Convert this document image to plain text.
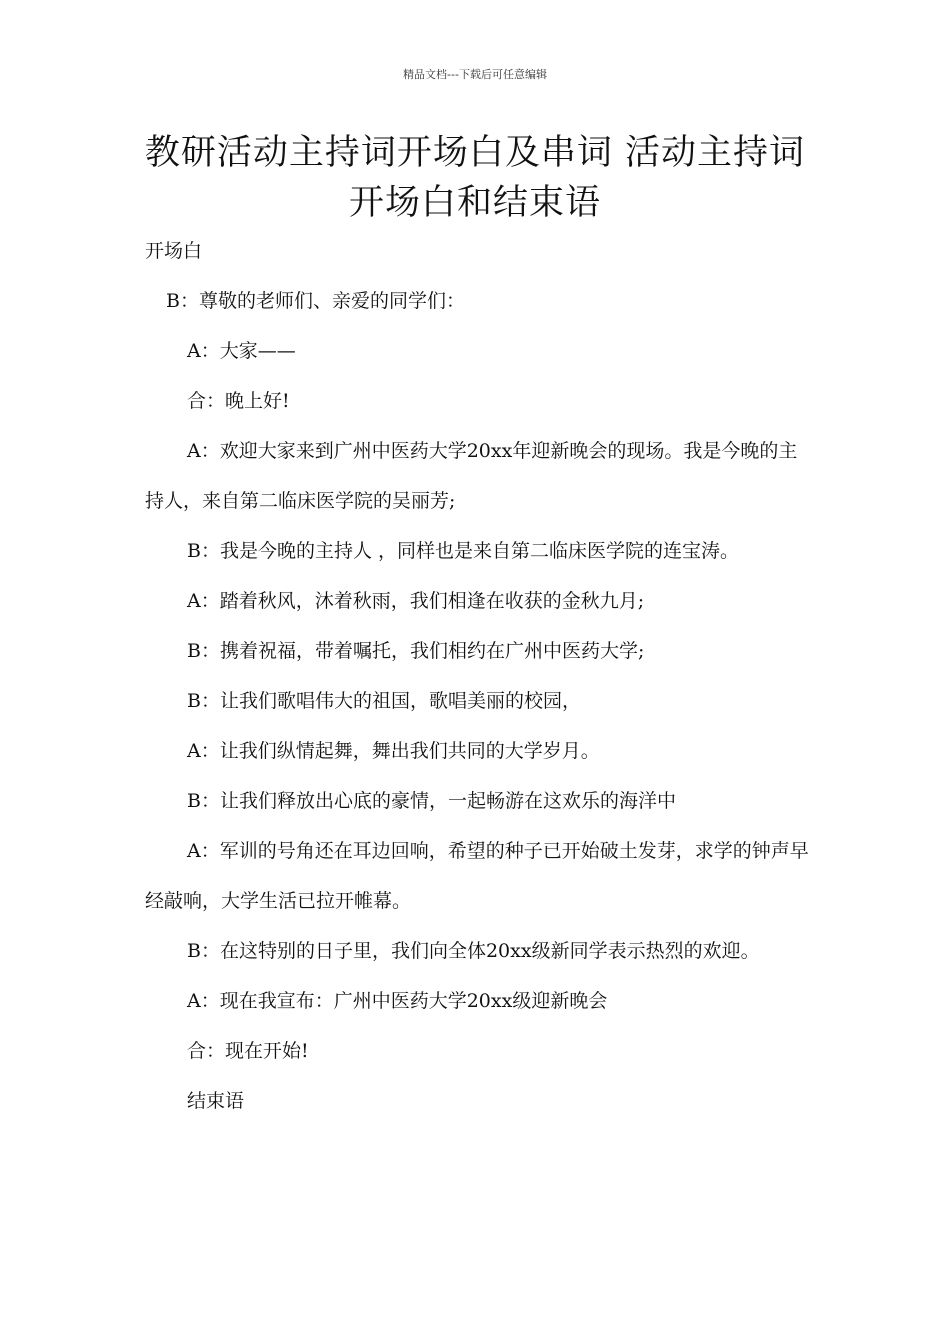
精品文档---下载后可任意编辑
教研活动主持词开场白及串词 活动主持词开场白和结束语

开场白

B：尊敬的老师们、亲爱的同学们：

A：大家——

合：晚上好!

A：欢迎大家来到广州中医药大学20xx年迎新晚会的现场。我是今晚的主持人，来自第二临床医学院的吴丽芳;

B：我是今晚的主持人 ，同样也是来自第二临床医学院的连宝涛。

A：踏着秋风，沐着秋雨，我们相逢在收获的金秋九月;

B：携着祝福，带着嘱托，我们相约在广州中医药大学;

B：让我们歌唱伟大的祖国，歌唱美丽的校园，

A：让我们纵情起舞，舞出我们共同的大学岁月。

B：让我们释放出心底的豪情，一起畅游在这欢乐的海洋中

A：军训的号角还在耳边回响，希望的种子已开始破土发芽，求学的钟声早经敲响，大学生活已拉开帷幕。

B：在这特别的日子里，我们向全体20xx级新同学表示热烈的欢迎。

A：现在我宣布：广州中医药大学20xx级迎新晚会

合：现在开始!

结束语
